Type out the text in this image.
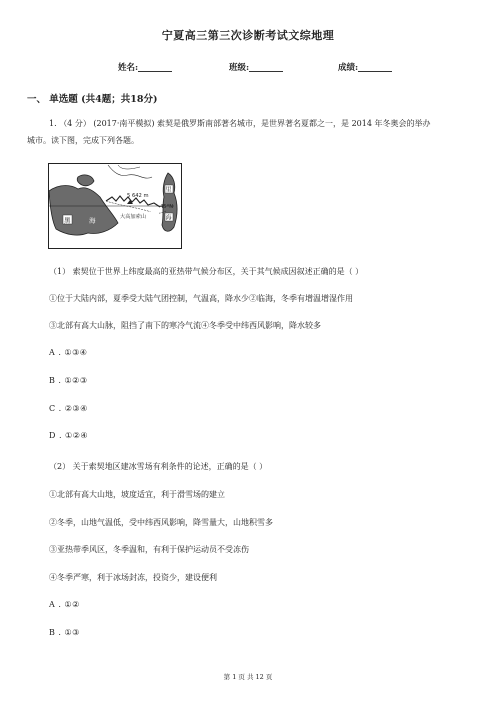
宁夏高三第三次诊断考试文综地理
姓名:	班级:	成绩:
一、 单选题 (共4题；共18分)
1. （4 分） (2017·南平模拟) 索契是俄罗斯南部著名城市，是世界著名夏都之一，是 2014 年冬奥会的举办
城市。读下图，完成下列各题。
5 642 m
大高加索山
45°N
黑	海
里
海
（1） 索契位于世界上纬度最高的亚热带气候分布区，关于其气候成因叙述正确的是（ ）
①位于大陆内部，夏季受大陆气团控制，气温高，降水少②临海，冬季有增温增湿作用
③北部有高大山脉，阻挡了南下的寒冷气流④冬季受中纬西风影响，降水较多
A . ①③④
B . ①②③
C . ②③④
D . ①②④
（2） 关于索契地区建冰雪场有利条件的论述，正确的是（ ）
①北部有高大山地，坡度适宜，利于滑雪场的建立
②冬季，山地气温低，受中纬西风影响，降雪量大，山地积雪多
③亚热带季风区，冬季温和，有利于保护运动员不受冻伤
④冬季严寒，利于冰场封冻，投资少，建设便利
A . ①②
B . ①③
第 1 页 共 12 页
